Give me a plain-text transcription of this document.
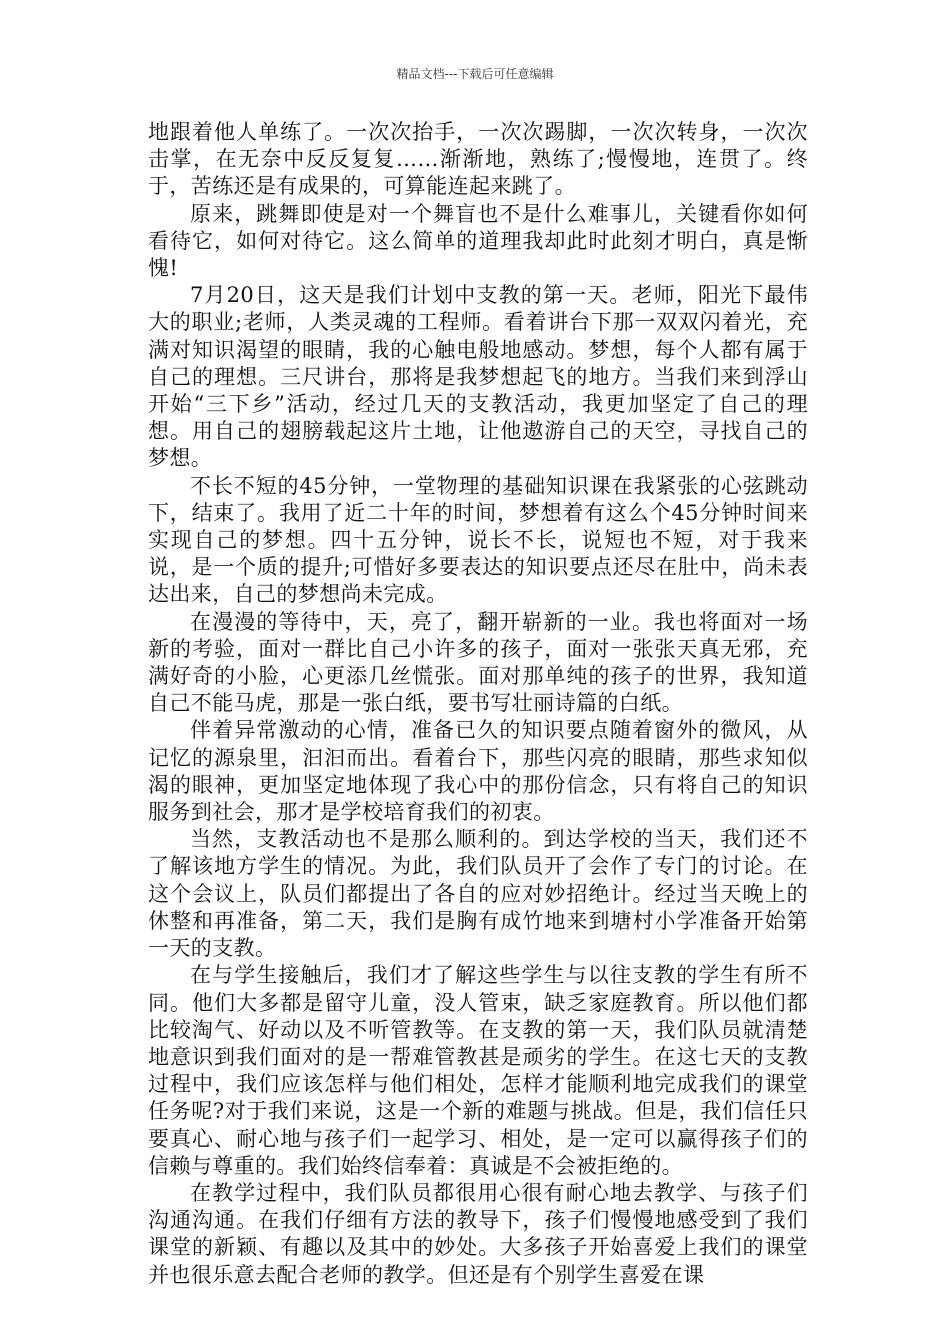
精品文档---下载后可任意编辑

地跟着他人单练了。一次次抬手，一次次踢脚，一次次转身，一次次击掌，在无奈中反反复复……渐渐地，熟练了;慢慢地，连贯了。终于，苦练还是有成果的，可算能连起来跳了。

原来，跳舞即使是对一个舞盲也不是什么难事儿，关键看你如何看待它，如何对待它。这么简单的道理我却此时此刻才明白，真是惭愧!

7月20日，这天是我们计划中支教的第一天。老师，阳光下最伟大的职业;老师，人类灵魂的工程师。看着讲台下那一双双闪着光，充满对知识渴望的眼睛，我的心触电般地感动。梦想，每个人都有属于自己的理想。三尺讲台，那将是我梦想起飞的地方。当我们来到浮山开始“三下乡”活动，经过几天的支教活动，我更加坚定了自己的理想。用自己的翅膀载起这片土地，让他遨游自己的天空，寻找自己的梦想。

不长不短的45分钟，一堂物理的基础知识课在我紧张的心弦跳动下，结束了。我用了近二十年的时间，梦想着有这么个45分钟时间来实现自己的梦想。四十五分钟，说长不长，说短也不短，对于我来说，是一个质的提升;可惜好多要表达的知识要点还尽在肚中，尚未表达出来，自己的梦想尚未完成。

在漫漫的等待中，天，亮了，翻开崭新的一业。我也将面对一场新的考验，面对一群比自己小许多的孩子，面对一张张天真无邪，充满好奇的小脸，心更添几丝慌张。面对那单纯的孩子的世界，我知道自己不能马虎，那是一张白纸，要书写壮丽诗篇的白纸。

伴着异常激动的心情，准备已久的知识要点随着窗外的微风，从记忆的源泉里，汩汩而出。看着台下，那些闪亮的眼睛，那些求知似渴的眼神，更加坚定地体现了我心中的那份信念，只有将自己的知识服务到社会，那才是学校培育我们的初衷。

当然，支教活动也不是那么顺利的。到达学校的当天，我们还不了解该地方学生的情况。为此，我们队员开了会作了专门的讨论。在这个会议上，队员们都提出了各自的应对妙招绝计。经过当天晚上的休整和再准备，第二天，我们是胸有成竹地来到塘村小学准备开始第一天的支教。

在与学生接触后，我们才了解这些学生与以往支教的学生有所不同。他们大多都是留守儿童，没人管束，缺乏家庭教育。所以他们都比较淘气、好动以及不听管教等。在支教的第一天，我们队员就清楚地意识到我们面对的是一帮难管教甚是顽劣的学生。在这七天的支教过程中，我们应该怎样与他们相处，怎样才能顺利地完成我们的课堂任务呢?对于我们来说，这是一个新的难题与挑战。但是，我们信任只要真心、耐心地与孩子们一起学习、相处，是一定可以赢得孩子们的信赖与尊重的。我们始终信奉着：真诚是不会被拒绝的。

在教学过程中，我们队员都很用心很有耐心地去教学、与孩子们沟通沟通。在我们仔细有方法的教导下，孩子们慢慢地感受到了我们课堂的新颖、有趣以及其中的妙处。大多孩子开始喜爱上我们的课堂并也很乐意去配合老师的教学。但还是有个别学生喜爱在课
